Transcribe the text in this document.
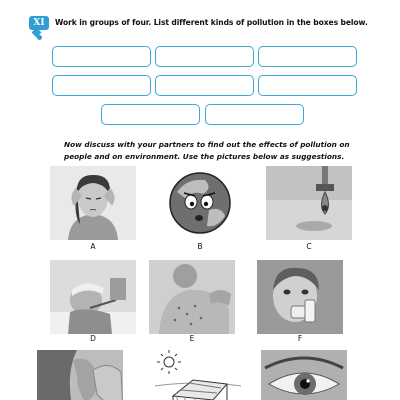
XI	Work in groups of four. List different kinds of pollution in the boxes below.
Now discuss with your partners to find out the effects of pollution on people and on environment. Use the pictures below as suggestions.
A	B	C
D	E	F
